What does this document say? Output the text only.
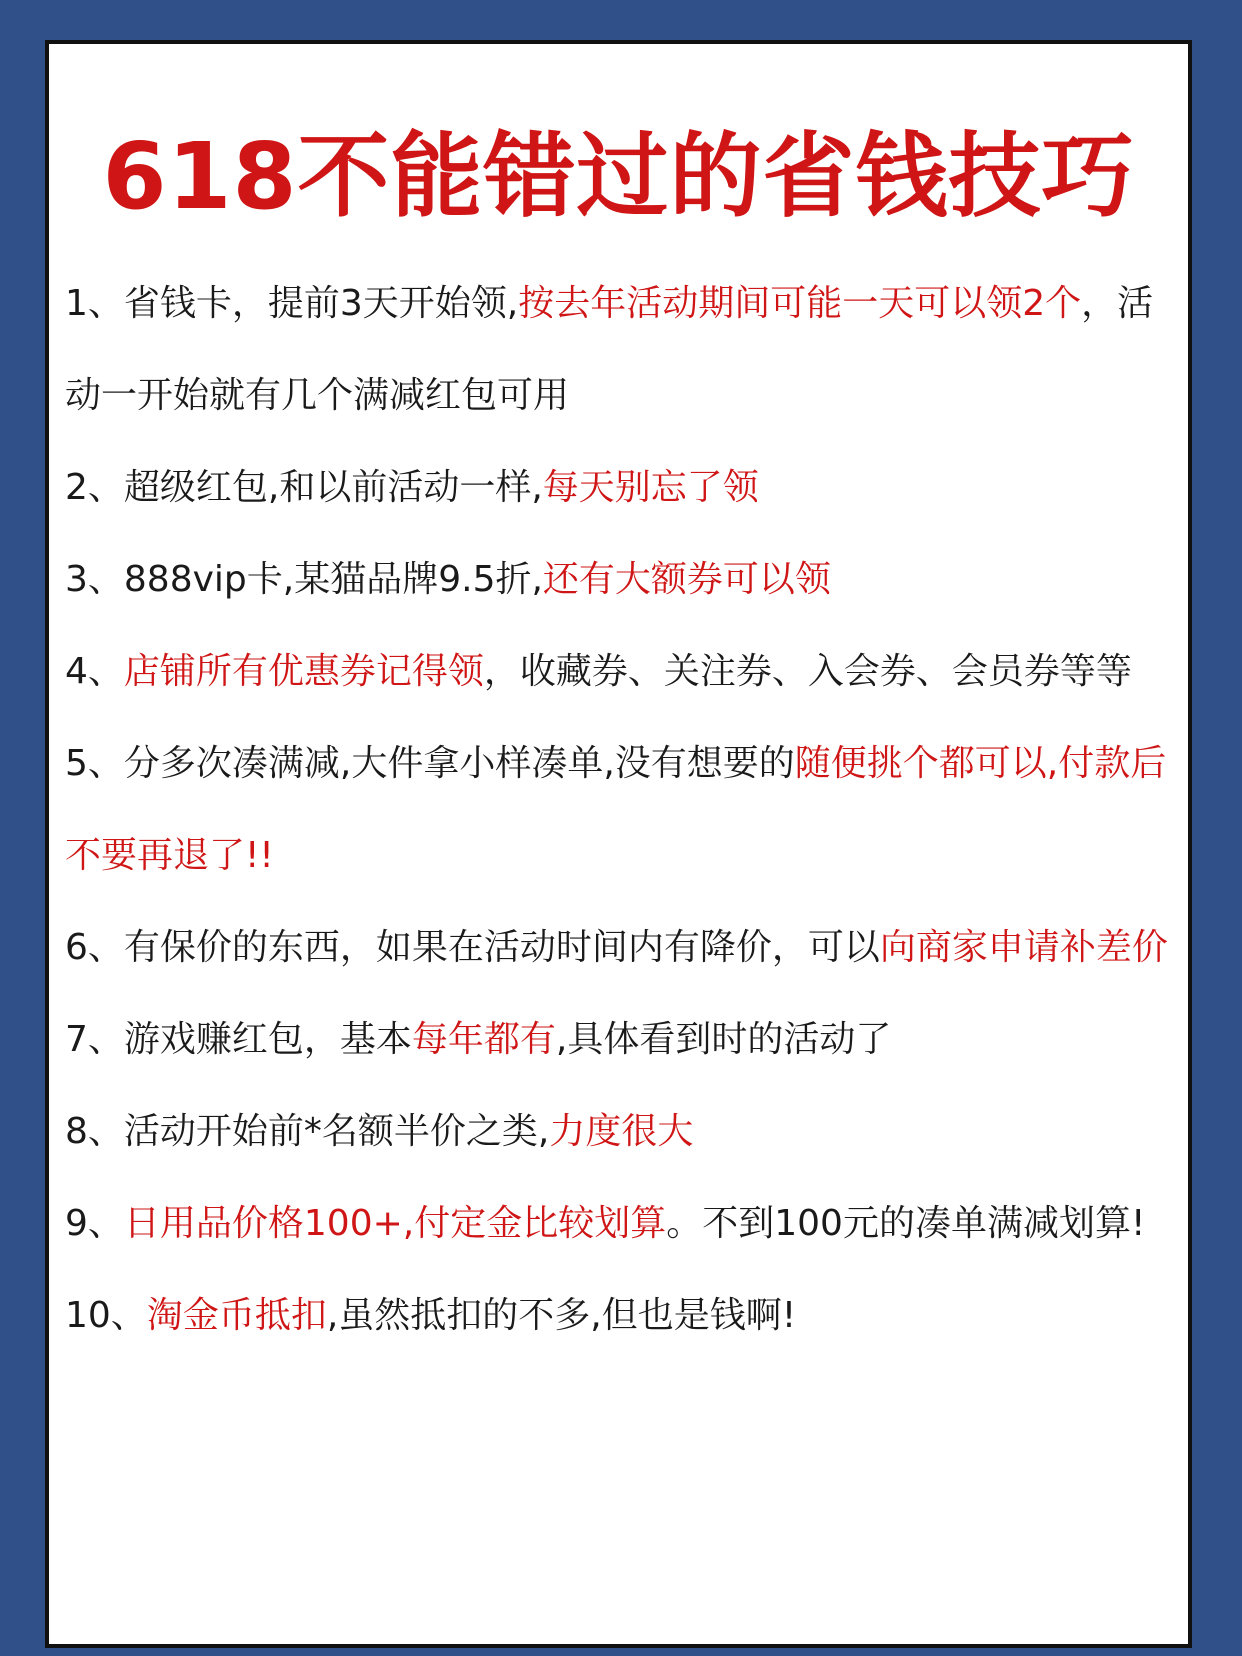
618不能错过的省钱技巧

1、省钱卡，提前3天开始领,按去年活动期间可能一天可以领2个，活动一开始就有几个满减红包可用

2、超级红包,和以前活动一样,每天别忘了领

3、888vip卡,某猫品牌9.5折,还有大额券可以领

4、店铺所有优惠券记得领，收藏券、关注券、入会券、会员券等等

5、分多次凑满减,大件拿小样凑单,没有想要的随便挑个都可以,付款后不要再退了!!

6、有保价的东西，如果在活动时间内有降价，可以向商家申请补差价

7、游戏赚红包，基本每年都有,具体看到时的活动了

8、活动开始前*名额半价之类,力度很大

9、日用品价格100+,付定金比较划算。不到100元的凑单满减划算!

10、淘金币抵扣,虽然抵扣的不多,但也是钱啊!
